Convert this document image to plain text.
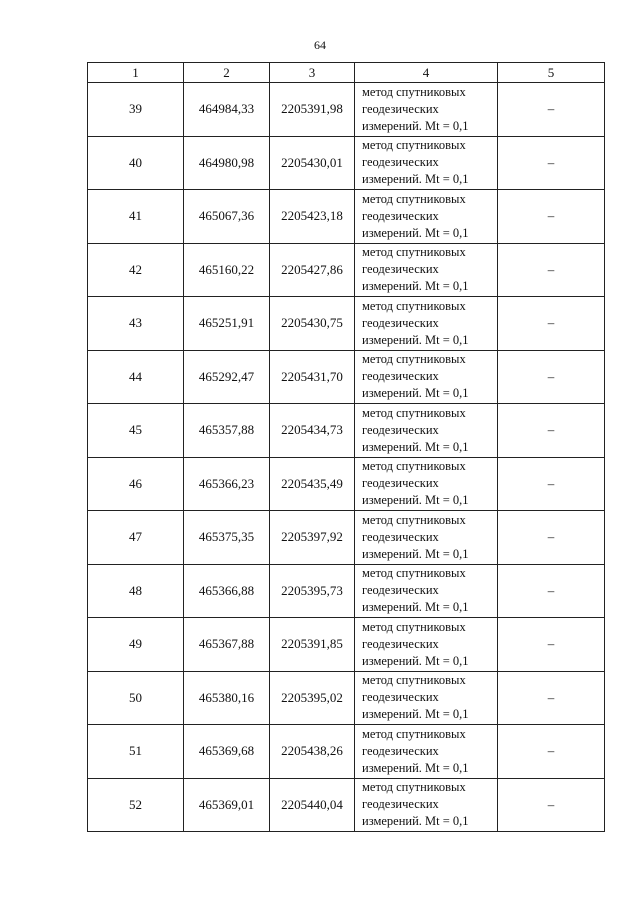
64
1	2	3	4	5
39	464984,33	2205391,98	метод спутниковых
геодезических
измерений. Mt = 0,1	–
40	464980,98	2205430,01	метод спутниковых
геодезических
измерений. Mt = 0,1	–
41	465067,36	2205423,18	метод спутниковых
геодезических
измерений. Mt = 0,1	–
42	465160,22	2205427,86	метод спутниковых
геодезических
измерений. Mt = 0,1	–
43	465251,91	2205430,75	метод спутниковых
геодезических
измерений. Mt = 0,1	–
44	465292,47	2205431,70	метод спутниковых
геодезических
измерений. Mt = 0,1	–
45	465357,88	2205434,73	метод спутниковых
геодезических
измерений. Mt = 0,1	–
46	465366,23	2205435,49	метод спутниковых
геодезических
измерений. Mt = 0,1	–
47	465375,35	2205397,92	метод спутниковых
геодезических
измерений. Mt = 0,1	–
48	465366,88	2205395,73	метод спутниковых
геодезических
измерений. Mt = 0,1	–
49	465367,88	2205391,85	метод спутниковых
геодезических
измерений. Mt = 0,1	–
50	465380,16	2205395,02	метод спутниковых
геодезических
измерений. Mt = 0,1	–
51	465369,68	2205438,26	метод спутниковых
геодезических
измерений. Mt = 0,1	–
52	465369,01	2205440,04	метод спутниковых
геодезических
измерений. Mt = 0,1	–
